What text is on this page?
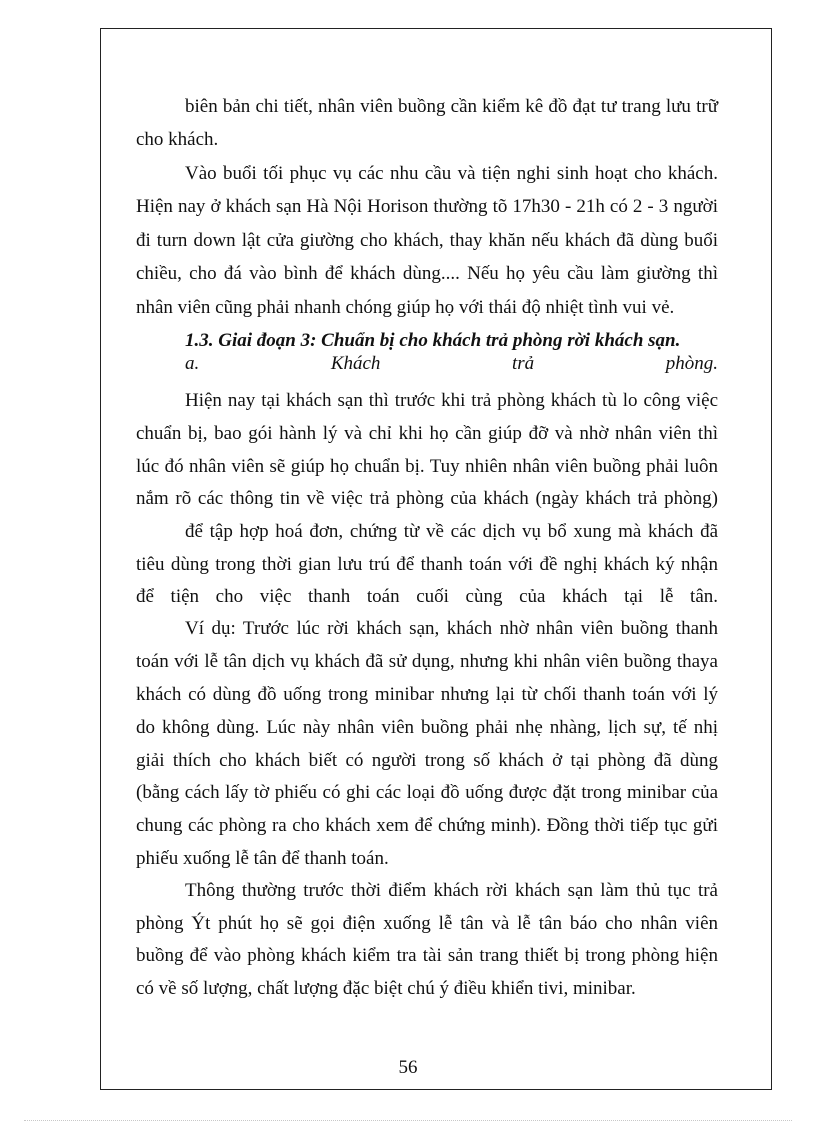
biên bản chi tiết, nhân viên buồng cần kiểm kê đồ đạt tư trang lưu trữ
cho khách.
Vào buổi tối phục vụ các nhu cầu và tiện nghi sinh hoạt cho khách.
Hiện nay ở khách sạn Hà Nội Horison thường tõ 17h30 - 21h có 2 - 3 người
đi turn down lật cửa giường cho khách, thay khăn nếu khách đã dùng buổi
chiều, cho đá vào bình để khách dùng.... Nếu họ yêu cầu làm giường thì
nhân viên cũng phải nhanh chóng giúp họ với thái độ nhiệt tình vui vẻ.
1.3. Giai đoạn 3: Chuẩn bị cho khách trả phòng rời khách sạn.
a. Khách trả phòng.
Hiện nay tại khách sạn thì trước khi trả phòng khách tù lo công việc
chuẩn bị, bao gói hành lý và chỉ khi họ cần giúp đỡ và nhờ nhân viên thì
lúc đó nhân viên sẽ giúp họ chuẩn bị. Tuy nhiên nhân viên buồng phải luôn
nắm rõ các thông tin về việc trả phòng của khách (ngày khách trả phòng)
để tập hợp hoá đơn, chứng từ về các dịch vụ bổ xung mà khách đã
tiêu dùng trong thời gian lưu trú để thanh toán với đề nghị khách ký nhận
để tiện cho việc thanh toán cuối cùng của khách tại lễ tân.
Ví dụ: Trước lúc rời khách sạn, khách nhờ nhân viên buồng thanh
toán với lễ tân dịch vụ khách đã sử dụng, nhưng khi nhân viên buồng thaya
khách có dùng đồ uống trong minibar nhưng lại từ chối thanh toán với lý
do không dùng. Lúc này nhân viên buồng phải nhẹ nhàng, lịch sự, tế nhị
giải thích cho khách biết có người trong số khách ở tại phòng đã dùng
(bằng cách lấy tờ phiếu có ghi các loại đồ uống được đặt trong minibar của
chung các phòng ra cho khách xem để chứng minh). Đồng thời tiếp tục gửi
phiếu xuống lễ tân để thanh toán.
Thông thường trước thời điểm khách rời khách sạn làm thủ tục trả
phòng Ýt phút họ sẽ gọi điện xuống lễ tân và lễ tân báo cho nhân viên
buồng để vào phòng khách kiểm tra tài sản trang thiết bị trong phòng hiện
có về số lượng, chất lượng đặc biệt chú ý điều khiển tivi, minibar.
56
